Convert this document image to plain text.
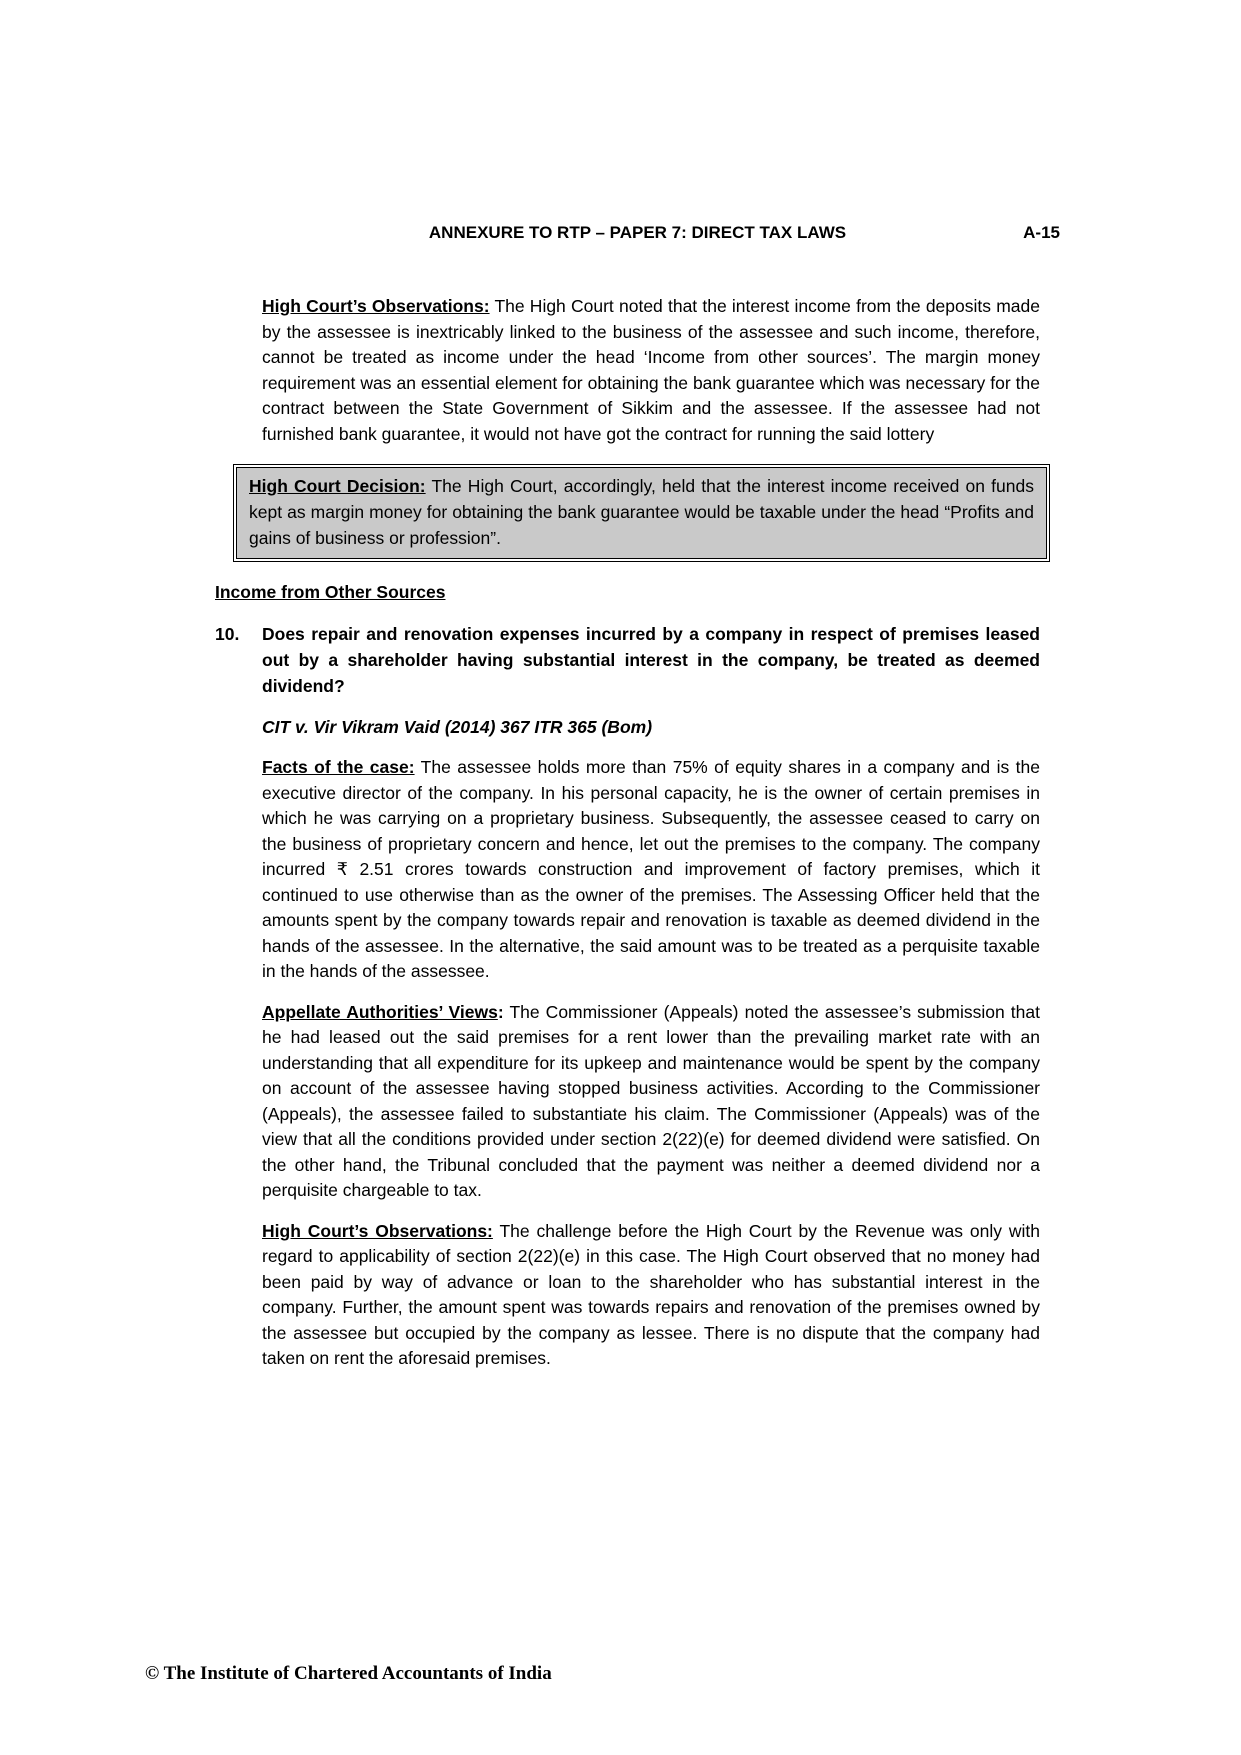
ANNEXURE TO RTP – PAPER 7: DIRECT TAX LAWS	A-15

High Court’s Observations: The High Court noted that the interest income from the deposits made by the assessee is inextricably linked to the business of the assessee and such income, therefore, cannot be treated as income under the head ‘Income from other sources’. The margin money requirement was an essential element for obtaining the bank guarantee which was necessary for the contract between the State Government of Sikkim and the assessee. If the assessee had not furnished bank guarantee, it would not have got the contract for running the said lottery

High Court Decision: The High Court, accordingly, held that the interest income received on funds kept as margin money for obtaining the bank guarantee would be taxable under the head “Profits and gains of business or profession”.

Income from Other Sources
10.	Does repair and renovation expenses incurred by a company in respect of premises leased out by a shareholder having substantial interest in the company, be treated as deemed dividend?

CIT v. Vir Vikram Vaid (2014) 367 ITR 365 (Bom)

Facts of the case: The assessee holds more than 75% of equity shares in a company and is the executive director of the company. In his personal capacity, he is the owner of certain premises in which he was carrying on a proprietary business. Subsequently, the assessee ceased to carry on the business of proprietary concern and hence, let out the premises to the company. The company incurred ₹ 2.51 crores towards construction and improvement of factory premises, which it continued to use otherwise than as the owner of the premises. The Assessing Officer held that the amounts spent by the company towards repair and renovation is taxable as deemed dividend in the hands of the assessee. In the alternative, the said amount was to be treated as a perquisite taxable in the hands of the assessee.

Appellate Authorities’ Views: The Commissioner (Appeals) noted the assessee’s submission that he had leased out the said premises for a rent lower than the prevailing market rate with an understanding that all expenditure for its upkeep and maintenance would be spent by the company on account of the assessee having stopped business activities. According to the Commissioner (Appeals), the assessee failed to substantiate his claim. The Commissioner (Appeals) was of the view that all the conditions provided under section 2(22)(e) for deemed dividend were satisfied. On the other hand, the Tribunal concluded that the payment was neither a deemed dividend nor a perquisite chargeable to tax.

High Court’s Observations: The challenge before the High Court by the Revenue was only with regard to applicability of section 2(22)(e) in this case. The High Court observed that no money had been paid by way of advance or loan to the shareholder who has substantial interest in the company. Further, the amount spent was towards repairs and renovation of the premises owned by the assessee but occupied by the company as lessee. There is no dispute that the company had taken on rent the aforesaid premises.

© The Institute of Chartered Accountants of India
